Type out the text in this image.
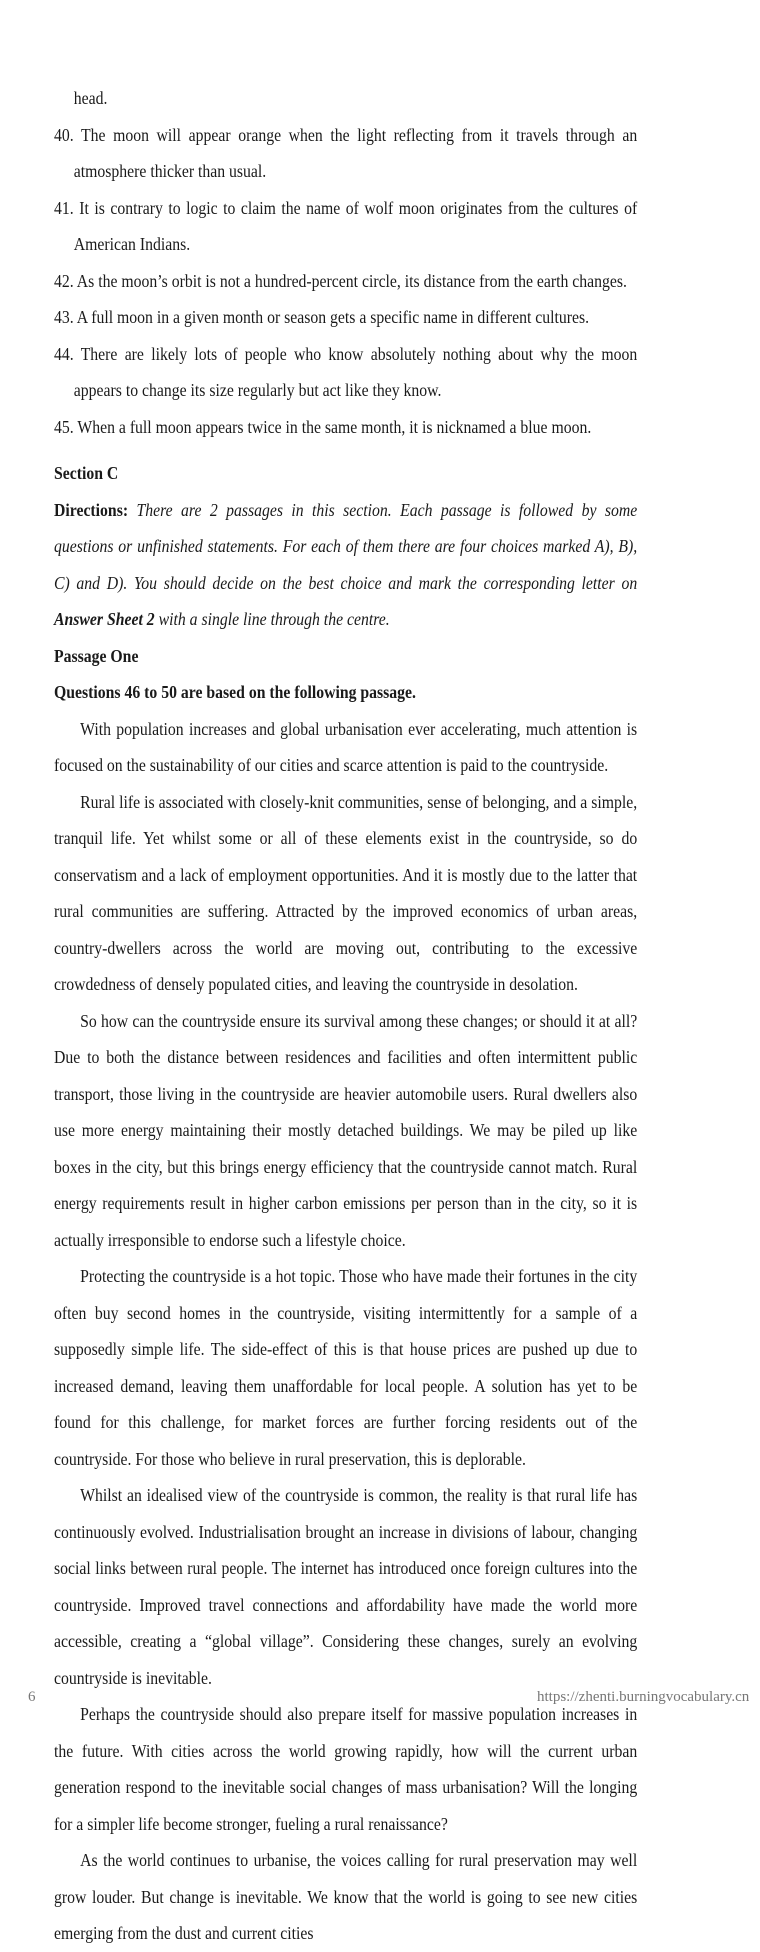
head.

40. The moon will appear orange when the light reflecting from it travels through an atmosphere thicker than usual.

41. It is contrary to logic to claim the name of wolf moon originates from the cultures of American Indians.

42. As the moon’s orbit is not a hundred-percent circle, its distance from the earth changes.

43. A full moon in a given month or season gets a specific name in different cultures.

44. There are likely lots of people who know absolutely nothing about why the moon appears to change its size regularly but act like they know.

45. When a full moon appears twice in the same month, it is nicknamed a blue moon.

Section C

Directions: There are 2 passages in this section. Each passage is followed by some questions or unfinished statements. For each of them there are four choices marked A), B), C) and D). You should decide on the best choice and mark the corresponding letter on Answer Sheet 2 with a single line through the centre.

Passage One

Questions 46 to 50 are based on the following passage.

With population increases and global urbanisation ever accelerating, much attention is focused on the sustainability of our cities and scarce attention is paid to the countryside.

Rural life is associated with closely-knit communities, sense of belonging, and a simple, tranquil life. Yet whilst some or all of these elements exist in the countryside, so do conservatism and a lack of employment opportunities. And it is mostly due to the latter that rural communities are suffering. Attracted by the improved economics of urban areas, country-dwellers across the world are moving out, contributing to the excessive crowdedness of densely populated cities, and leaving the countryside in desolation.

So how can the countryside ensure its survival among these changes; or should it at all? Due to both the distance between residences and facilities and often intermittent public transport, those living in the countryside are heavier automobile users. Rural dwellers also use more energy maintaining their mostly detached buildings. We may be piled up like boxes in the city, but this brings energy efficiency that the countryside cannot match. Rural energy requirements result in higher carbon emissions per person than in the city, so it is actually irresponsible to endorse such a lifestyle choice.

Protecting the countryside is a hot topic. Those who have made their fortunes in the city often buy second homes in the countryside, visiting intermittently for a sample of a supposedly simple life. The side-effect of this is that house prices are pushed up due to increased demand, leaving them unaffordable for local people. A solution has yet to be found for this challenge, for market forces are further forcing residents out of the countryside. For those who believe in rural preservation, this is deplorable.

Whilst an idealised view of the countryside is common, the reality is that rural life has continuously evolved. Industrialisation brought an increase in divisions of labour, changing social links between rural people. The internet has introduced once foreign cultures into the countryside. Improved travel connections and affordability have made the world more accessible, creating a “global village”. Considering these changes, surely an evolving countryside is inevitable.

Perhaps the countryside should also prepare itself for massive population increases in the future. With cities across the world growing rapidly, how will the current urban generation respond to the inevitable social changes of mass urbanisation? Will the longing for a simpler life become stronger, fueling a rural renaissance?

As the world continues to urbanise, the voices calling for rural preservation may well grow louder. But change is inevitable. We know that the world is going to see new cities emerging from the dust and current cities

6	https://zhenti.burningvocabulary.cn
